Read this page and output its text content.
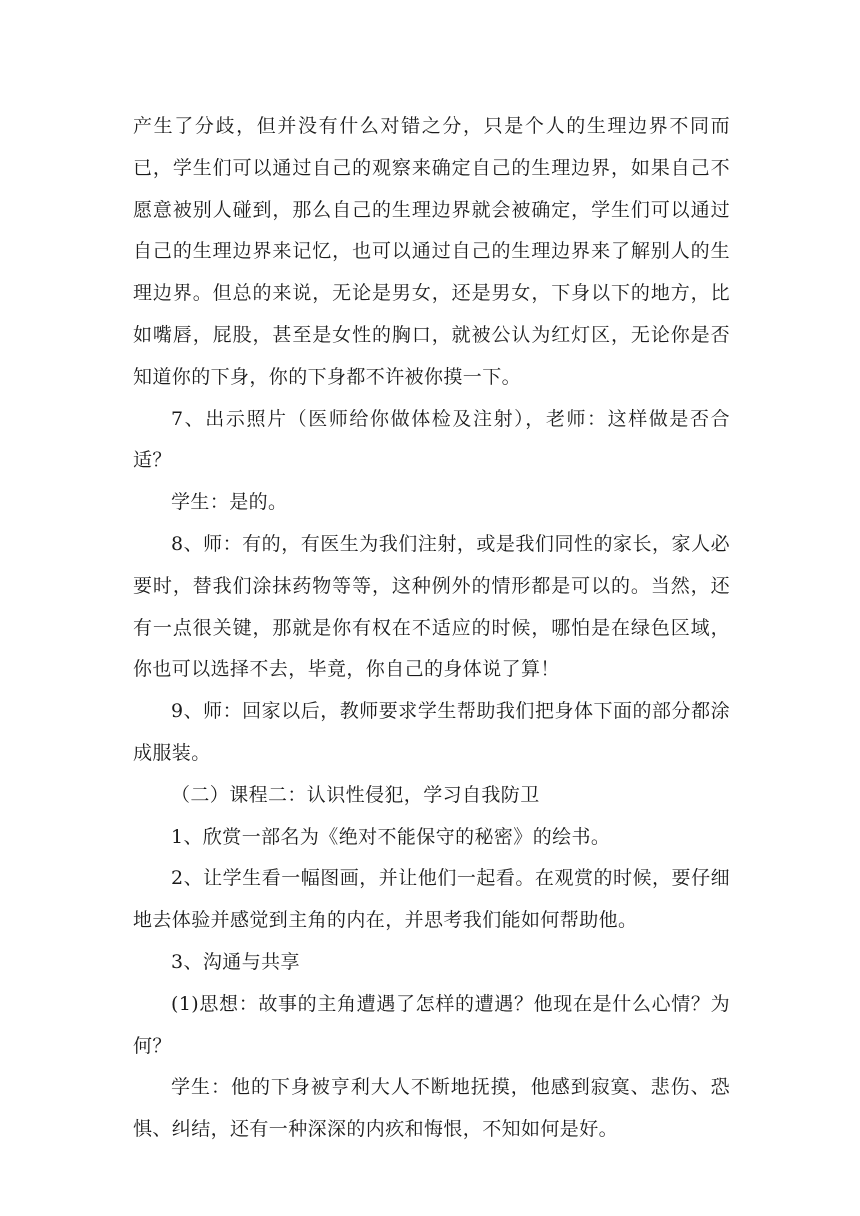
产生了分歧，但并没有什么对错之分，只是个人的生理边界不同而已，学生们可以通过自己的观察来确定自己的生理边界，如果自己不愿意被别人碰到，那么自己的生理边界就会被确定，学生们可以通过自己的生理边界来记忆，也可以通过自己的生理边界来了解别人的生理边界。但总的来说，无论是男女，还是男女，下身以下的地方，比如嘴唇，屁股，甚至是女性的胸口，就被公认为红灯区，无论你是否知道你的下身，你的下身都不许被你摸一下。

7、出示照片（医师给你做体检及注射），老师：这样做是否合适？

学生：是的。

8、师：有的，有医生为我们注射，或是我们同性的家长，家人必要时，替我们涂抹药物等等，这种例外的情形都是可以的。当然，还有一点很关键，那就是你有权在不适应的时候，哪怕是在绿色区域，你也可以选择不去，毕竟，你自己的身体说了算！

9、师：回家以后，教师要求学生帮助我们把身体下面的部分都涂成服装。

（二）课程二：认识性侵犯，学习自我防卫

1、欣赏一部名为《绝对不能保守的秘密》的绘书。

2、让学生看一幅图画，并让他们一起看。在观赏的时候，要仔细地去体验并感觉到主角的内在，并思考我们能如何帮助他。

3、沟通与共享

(1)思想：故事的主角遭遇了怎样的遭遇？他现在是什么心情？为何？

学生：他的下身被亨利大人不断地抚摸，他感到寂寞、悲伤、恐惧、纠结，还有一种深深的内疚和悔恨，不知如何是好。
